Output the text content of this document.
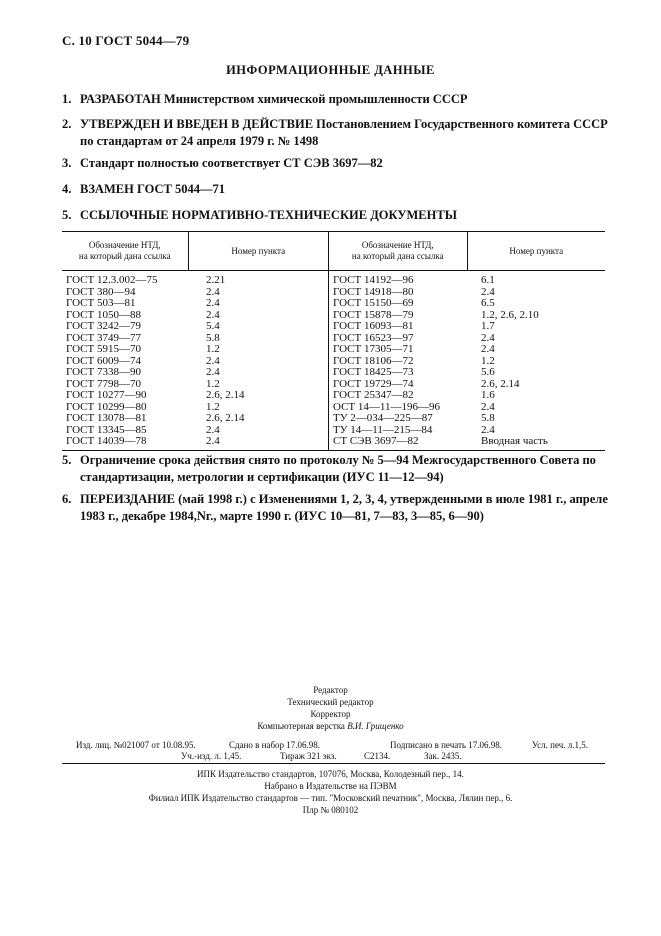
С. 10 ГОСТ 5044—79
ИНФОРМАЦИОННЫЕ ДАННЫЕ
1. РАЗРАБОТАН Министерством химической промышленности СССР
2. УТВЕРЖДЕН И ВВЕДЕН В ДЕЙСТВИЕ Постановлением Государственного комитета СССР по стандартам от 24 апреля 1979 г. № 1498
3. Стандарт полностью соответствует СТ СЭВ 3697—82
4. ВЗАМЕН ГОСТ 5044—71
5. ССЫЛОЧНЫЕ НОРМАТИВНО-ТЕХНИЧЕСКИЕ ДОКУМЕНТЫ
Обозначение НТД,
на который дана ссылка	Номер пункта	Обозначение НТД,
на который дана ссылка	Номер пункта
ГОСТ 12.3.002—75	2.21	ГОСТ 14192—96	6.1
ГОСТ 380—94	2.4	ГОСТ 14918—80	2.4
ГОСТ 503—81	2.4	ГОСТ 15150—69	6.5
ГОСТ 1050—88	2.4	ГОСТ 15878—79	1.2, 2.6, 2.10
ГОСТ 3242—79	5.4	ГОСТ 16093—81	1.7
ГОСТ 3749—77	5.8	ГОСТ 16523—97	2.4
ГОСТ 5915—70	1.2	ГОСТ 17305—71	2.4
ГОСТ 6009—74	2.4	ГОСТ 18106—72	1.2
ГОСТ 7338—90	2.4	ГОСТ 18425—73	5.6
ГОСТ 7798—70	1.2	ГОСТ 19729—74	2.6, 2.14
ГОСТ 10277—90	2.6, 2.14	ГОСТ 25347—82	1.6
ГОСТ 10299—80	1.2	ОСТ 14—11—196—96	2.4
ГОСТ 13078—81	2.6, 2.14	ТУ 2—034—225—87	5.8
ГОСТ 13345—85	2.4	ТУ 14—11—215—84	2.4
ГОСТ 14039—78	2.4	СТ СЭВ 3697—82	Вводная часть
5. Ограничение срока действия снято по протоколу № 5—94 Межгосударственного Совета по стандартизации, метрологии и сертификации (ИУС 11—12—94)
6. ПЕРЕИЗДАНИЕ (май 1998 г.) с Изменениями 1, 2, 3, 4, утвержденными в июле 1981 г., апреле 1983 г., декабре 1984,Nг., марте 1990 г. (ИУС 10—81, 7—83, 3—85, 6—90)
Редактор
Технический редактор
Корректор
Компьютерная верстка В.И. Грищенко
Изд. лиц. №021007 от 10.08.95.	Сдано в набор 17.06.98.	Подписано в печать 17.06.98.	Усл. печ. л.1,5.
Уч.-изд. л. 1,45.	Тираж 321 экз.	С2134.	Зак. 2435.
ИПК Издательство стандартов, 107076, Москва, Колодезный пер., 14.
Набрано в Издательстве на ПЭВМ
Филиал ИПК Издательство стандартов — тип. "Московский печатник", Москва, Лялин пер., 6.
Плр № 080102
